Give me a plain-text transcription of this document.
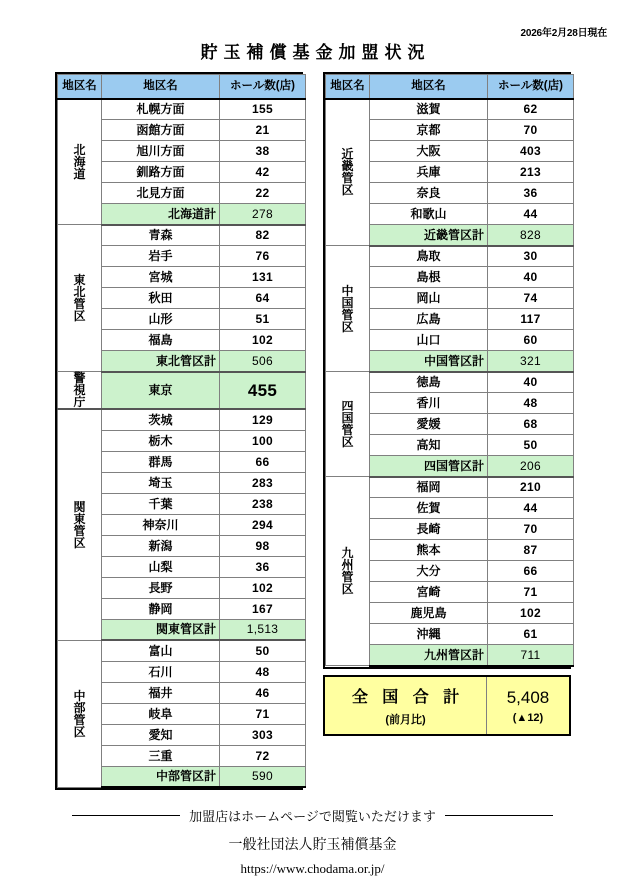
2026年2月28日現在
貯玉補償基金加盟状況
地区名	地区名	ホール数(店)

北海道	札幌方面	155
	函館方面	21
	旭川方面	38
	釧路方面	42
	北見方面	22
	北海道計	278

東北管区	青森	82
	岩手	76
	宮城	131
	秋田	64
	山形	51
	福島	102
	東北管区計	506

警視庁	東京	455

関東管区	茨城	129
	栃木	100
	群馬	66
	埼玉	283
	千葉	238
	神奈川	294
	新潟	98
	山梨	36
	長野	102
	静岡	167
	関東管区計	1,513

中部管区	富山	50
	石川	48
	福井	46
	岐阜	71
	愛知	303
	三重	72
	中部管区計	590
地区名	地区名	ホール数(店)

近畿管区	滋賀	62
	京都	70
	大阪	403
	兵庫	213
	奈良	36
	和歌山	44
	近畿管区計	828

中国管区	鳥取	30
	島根	40
	岡山	74
	広島	117
	山口	60
	中国管区計	321

四国管区	徳島	40
	香川	48
	愛媛	68
	高知	50
	四国管区計	206

九州管区	福岡	210
	佐賀	44
	長崎	70
	熊本	87
	大分	66
	宮崎	71
	鹿児島	102
	沖縄	61
	九州管区計	711
全 国 合 計
(前月比)
5,408
(▲12)
加盟店はホームページで閲覧いただけます
一般社団法人貯玉補償基金
https://www.chodama.or.jp/
